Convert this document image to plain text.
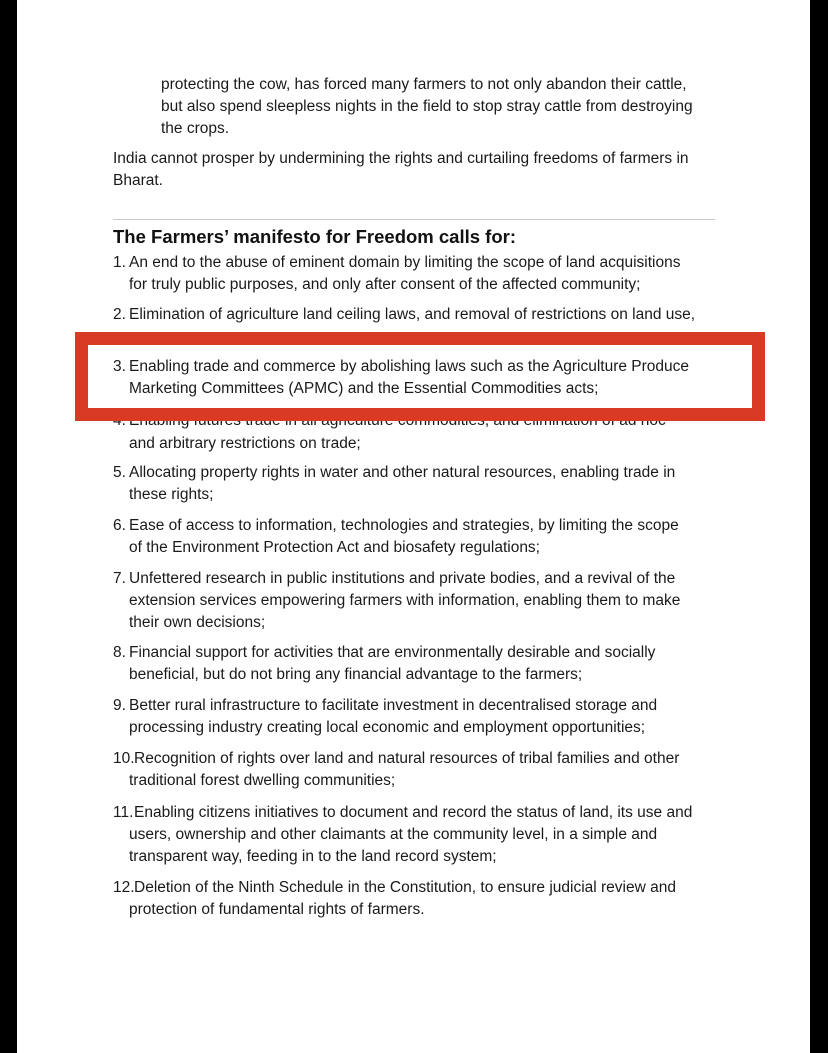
protecting the cow, has forced many farmers to not only abandon their cattle,

but also spend sleepless nights in the field to stop stray cattle from destroying

the crops.

India cannot prosper by undermining the rights and curtailing freedoms of farmers in

Bharat.

The Farmers’ manifesto for Freedom calls for:

1. An end to the abuse of eminent domain by limiting the scope of land acquisitions

for truly public purposes, and only after consent of the affected community;

2. Elimination of agriculture land ceiling laws, and removal of restrictions on land use,

and arbitrary restrictions on trade;

3. Enabling trade and commerce by abolishing laws such as the Agriculture Produce

Marketing Committees (APMC) and the Essential Commodities acts;

5. Allocating property rights in water and other natural resources, enabling trade in

these rights;

6. Ease of access to information, technologies and strategies, by limiting the scope

of the Environment Protection Act and biosafety regulations;

7. Unfettered research in public institutions and private bodies, and a revival of the

extension services empowering farmers with information, enabling them to make

their own decisions;

8. Financial support for activities that are environmentally desirable and socially

beneficial, but do not bring any financial advantage to the farmers;

9. Better rural infrastructure to facilitate investment in decentralised storage and

processing industry creating local economic and employment opportunities;

10. Recognition of rights over land and natural resources of tribal families and other

traditional forest dwelling communities;

11. Enabling citizens initiatives to document and record the status of land, its use and

users, ownership and other claimants at the community level, in a simple and

transparent way, feeding in to the land record system;

12. Deletion of the Ninth Schedule in the Constitution, to ensure judicial review and

protection of fundamental rights of farmers.
